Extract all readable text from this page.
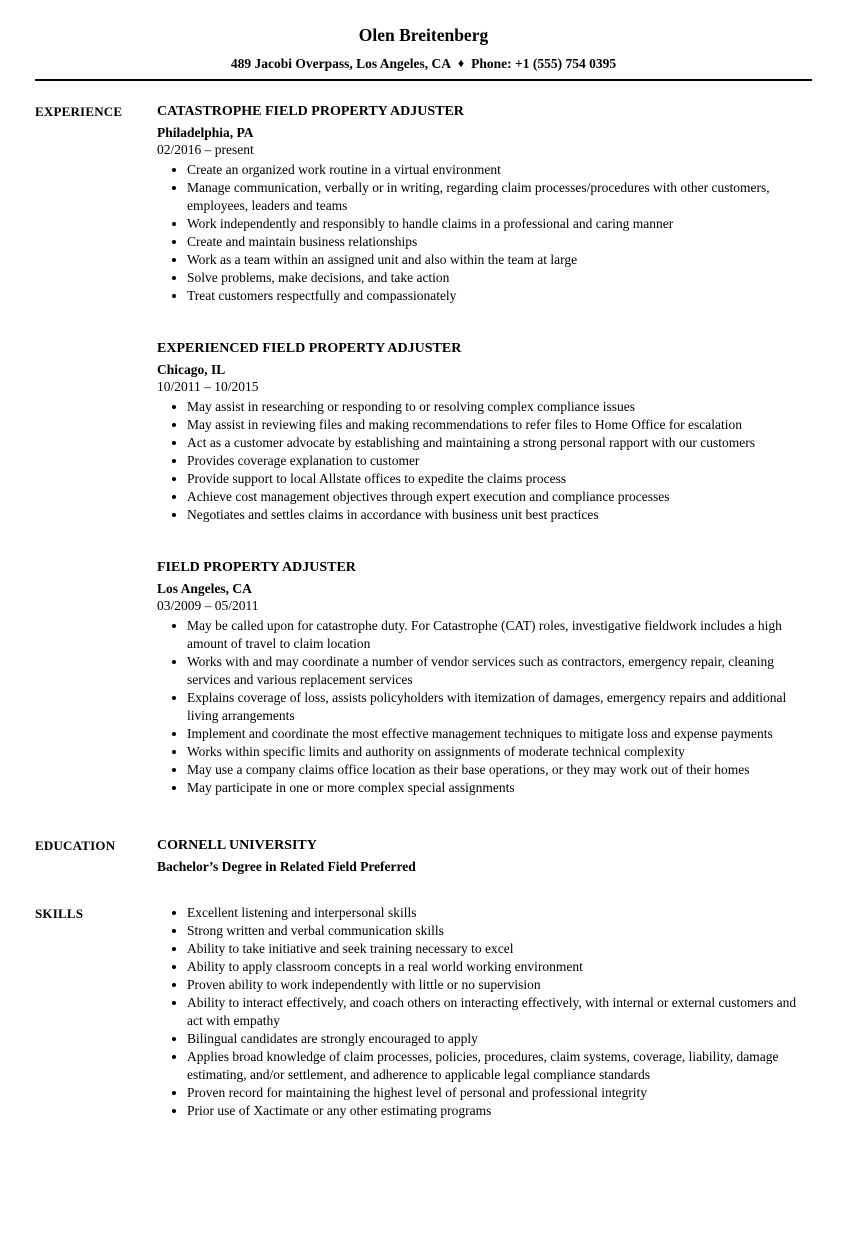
Olen Breitenberg
489 Jacobi Overpass, Los Angeles, CA ♦ Phone: +1 (555) 754 0395
EXPERIENCE	CATASTROPHE FIELD PROPERTY ADJUSTER
Philadelphia, PA
02/2016 – present
• Create an organized work routine in a virtual environment
• Manage communication, verbally or in writing, regarding claim processes/procedures with other customers, employees, leaders and teams
• Work independently and responsibly to handle claims in a professional and caring manner
• Create and maintain business relationships
• Work as a team within an assigned unit and also within the team at large
• Solve problems, make decisions, and take action
• Treat customers respectfully and compassionately
EXPERIENCED FIELD PROPERTY ADJUSTER
Chicago, IL
10/2011 – 10/2015
• May assist in researching or responding to or resolving complex compliance issues
• May assist in reviewing files and making recommendations to refer files to Home Office for escalation
• Act as a customer advocate by establishing and maintaining a strong personal rapport with our customers
• Provides coverage explanation to customer
• Provide support to local Allstate offices to expedite the claims process
• Achieve cost management objectives through expert execution and compliance processes
• Negotiates and settles claims in accordance with business unit best practices
FIELD PROPERTY ADJUSTER
Los Angeles, CA
03/2009 – 05/2011
• May be called upon for catastrophe duty. For Catastrophe (CAT) roles, investigative fieldwork includes a high amount of travel to claim location
• Works with and may coordinate a number of vendor services such as contractors, emergency repair, cleaning services and various replacement services
• Explains coverage of loss, assists policyholders with itemization of damages, emergency repairs and additional living arrangements
• Implement and coordinate the most effective management techniques to mitigate loss and expense payments
• Works within specific limits and authority on assignments of moderate technical complexity
• May use a company claims office location as their base operations, or they may work out of their homes
• May participate in one or more complex special assignments
EDUCATION	CORNELL UNIVERSITY
Bachelor’s Degree in Related Field Preferred
SKILLS	• Excellent listening and interpersonal skills
• Strong written and verbal communication skills
• Ability to take initiative and seek training necessary to excel
• Ability to apply classroom concepts in a real world working environment
• Proven ability to work independently with little or no supervision
• Ability to interact effectively, and coach others on interacting effectively, with internal or external customers and act with empathy
• Bilingual candidates are strongly encouraged to apply
• Applies broad knowledge of claim processes, policies, procedures, claim systems, coverage, liability, damage estimating, and/or settlement, and adherence to applicable legal compliance standards
• Proven record for maintaining the highest level of personal and professional integrity
• Prior use of Xactimate or any other estimating programs
